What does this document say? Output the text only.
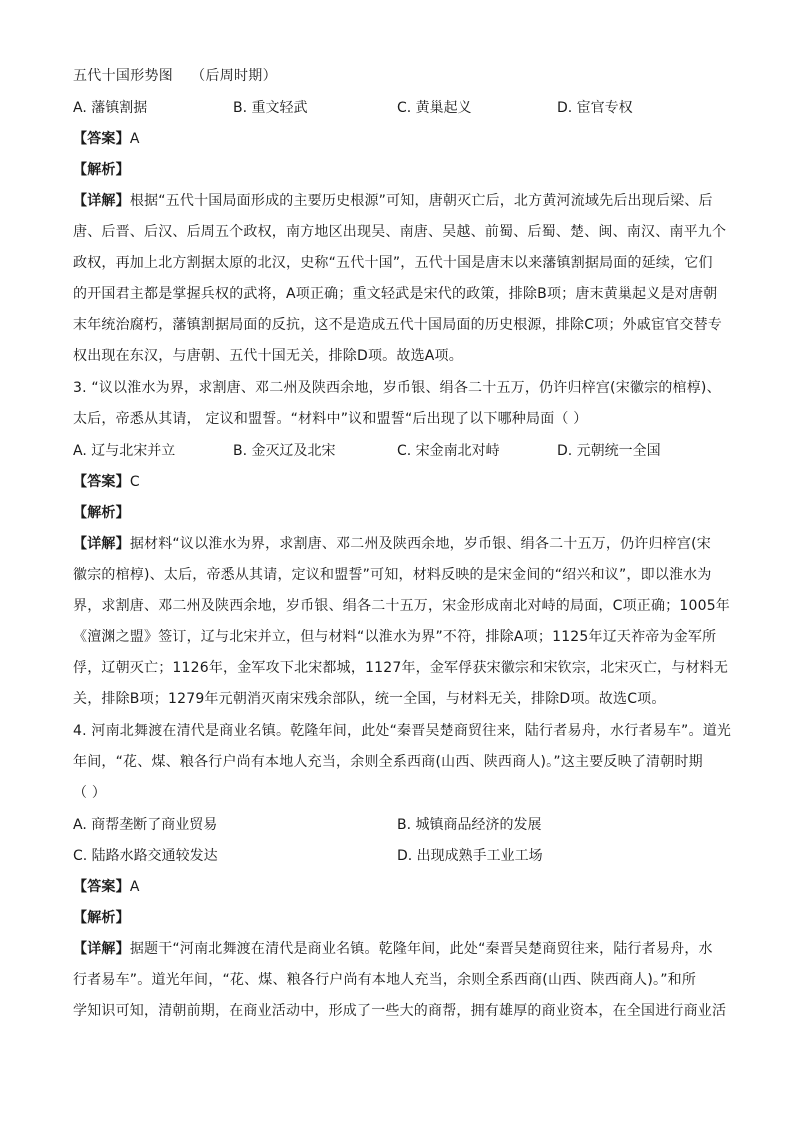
五代十国形势图 （后周时期）
A. 藩镇割据	B. 重文轻武	C. 黄巢起义	D. 宦官专权
【答案】A
【解析】
【详解】根据“五代十国局面形成的主要历史根源”可知，唐朝灭亡后，北方黄河流域先后出现后梁、后
唐、后晋、后汉、后周五个政权，南方地区出现吴、南唐、吴越、前蜀、后蜀、楚、闽、南汉、南平九个
政权，再加上北方割据太原的北汉，史称“五代十国”，五代十国是唐末以来藩镇割据局面的延续，它们
的开国君主都是掌握兵权的武将，A项正确；重文轻武是宋代的政策，排除B项；唐末黄巢起义是对唐朝
末年统治腐朽，藩镇割据局面的反抗，这不是造成五代十国局面的历史根源，排除C项；外戚宦官交替专
权出现在东汉，与唐朝、五代十国无关，排除D项。故选A项。
3. “议以淮水为界，求割唐、邓二州及陕西余地，岁币银、绢各二十五万，仍许归梓宫(宋徽宗的棺椁)、
太后，帝悉从其请， 定议和盟誓。“材料中”议和盟誓“后出现了以下哪种局面（ ）
A. 辽与北宋并立	B. 金灭辽及北宋	C. 宋金南北对峙	D. 元朝统一全国
【答案】C
【解析】
【详解】据材料“议以淮水为界，求割唐、邓二州及陕西余地，岁币银、绢各二十五万，仍许归梓宫(宋
徽宗的棺椁)、太后，帝悉从其请，定议和盟誓”可知，材料反映的是宋金间的“绍兴和议”，即以淮水为
界，求割唐、邓二州及陕西余地，岁币银、绢各二十五万，宋金形成南北对峙的局面，C项正确；1005年
《澶渊之盟》签订，辽与北宋并立，但与材料“以淮水为界”不符，排除A项；1125年辽天祚帝为金军所
俘，辽朝灭亡；1126年，金军攻下北宋都城，1127年，金军俘获宋徽宗和宋钦宗，北宋灭亡，与材料无
关，排除B项；1279年元朝消灭南宋残余部队，统一全国，与材料无关，排除D项。故选C项。
4. 河南北舞渡在清代是商业名镇。乾隆年间，此处“秦晋吴楚商贸往来，陆行者易舟，水行者易车”。道光
年间，“花、煤、粮各行户尚有本地人充当，余则全系西商(山西、陕西商人)。”这主要反映了清朝时期
（ ）
A. 商帮垄断了商业贸易	B. 城镇商品经济的发展
C. 陆路水路交通较发达	D. 出现成熟手工业工场
【答案】A
【解析】
【详解】据题干“河南北舞渡在清代是商业名镇。乾隆年间，此处“秦晋吴楚商贸往来，陆行者易舟，水
行者易车”。道光年间，“花、煤、粮各行户尚有本地人充当，余则全系西商(山西、陕西商人)。”和所
学知识可知，清朝前期，在商业活动中，形成了一些大的商帮，拥有雄厚的商业资本，在全国进行商业活
